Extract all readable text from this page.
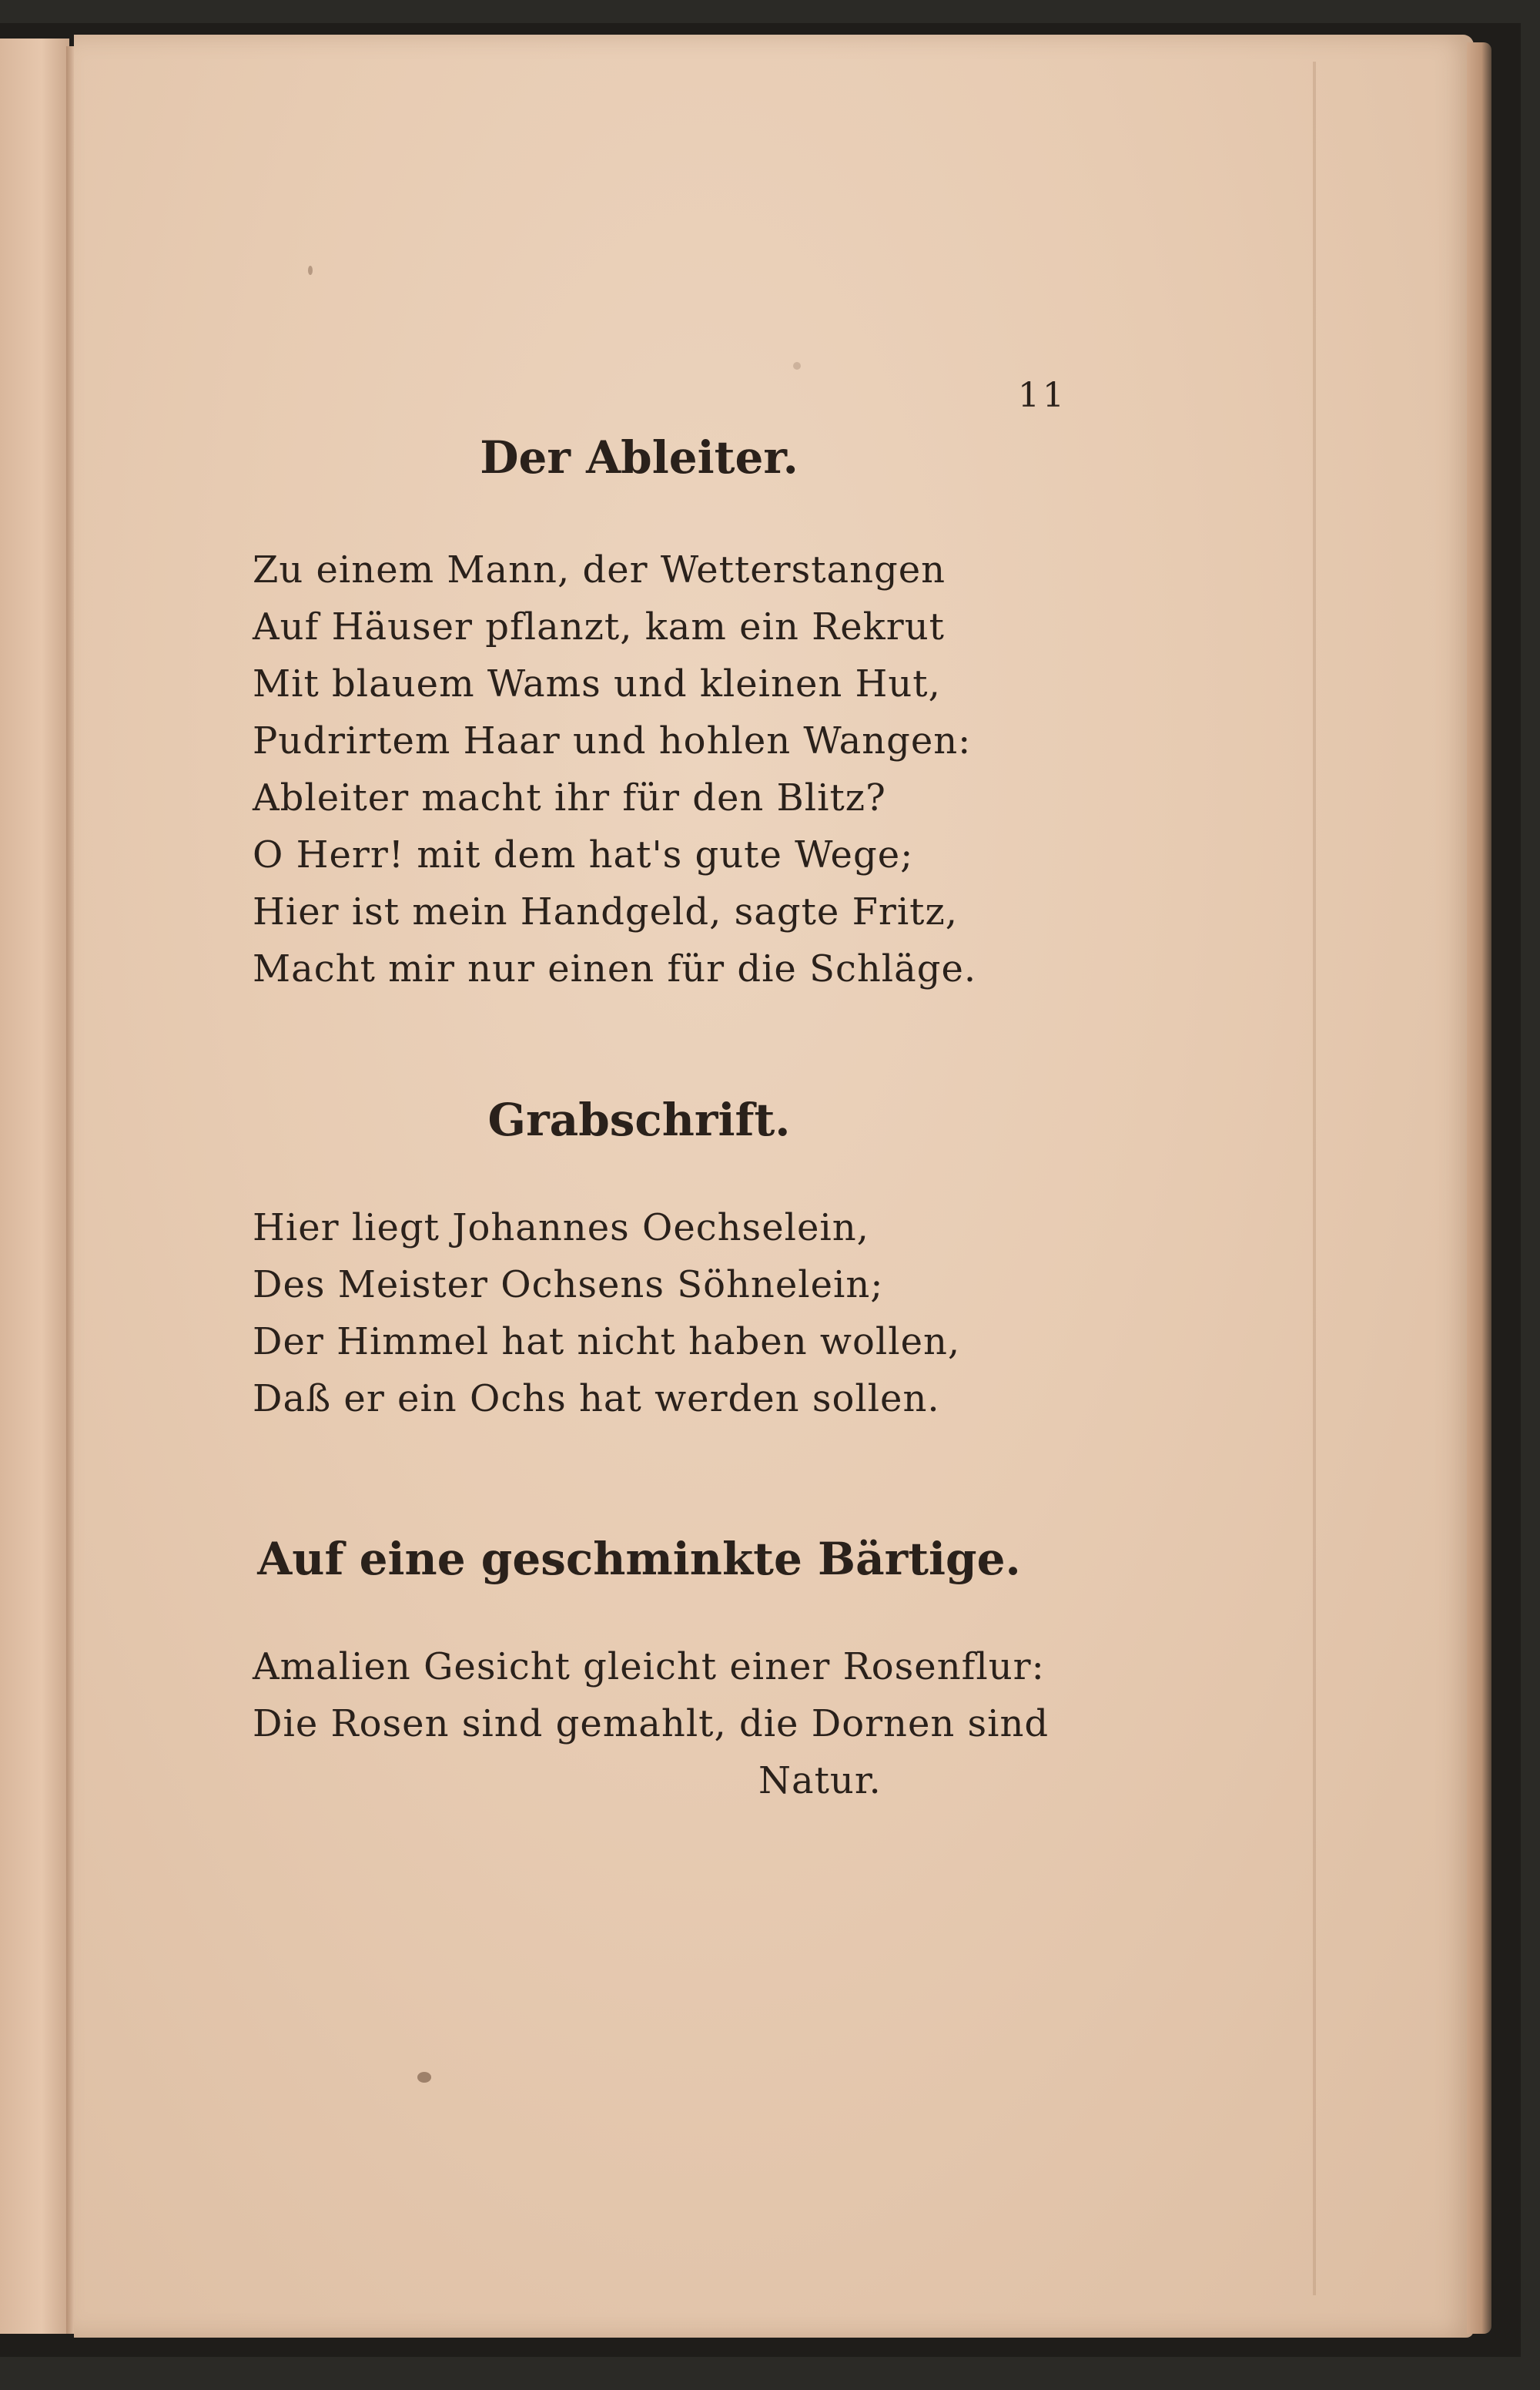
11
Der Ableiter.
Zu einem Mann, der Wetterstangen
Auf Häuser pflanzt, kam ein Rekrut
Mit blauem Wams und kleinen Hut,
Pudrirtem Haar und hohlen Wangen:
Ableiter macht ihr für den Blitz?
O Herr! mit dem hat's gute Wege;
Hier ist mein Handgeld, sagte Fritz,
Macht mir nur einen für die Schläge.
Grabschrift.
Hier liegt Johannes Oechselein,
Des Meister Ochsens Söhnelein;
Der Himmel hat nicht haben wollen,
Daß er ein Ochs hat werden sollen.
Auf eine geschminkte Bärtige.
Amalien Gesicht gleicht einer Rosenflur:
Die Rosen sind gemahlt, die Dornen sind
Natur.
